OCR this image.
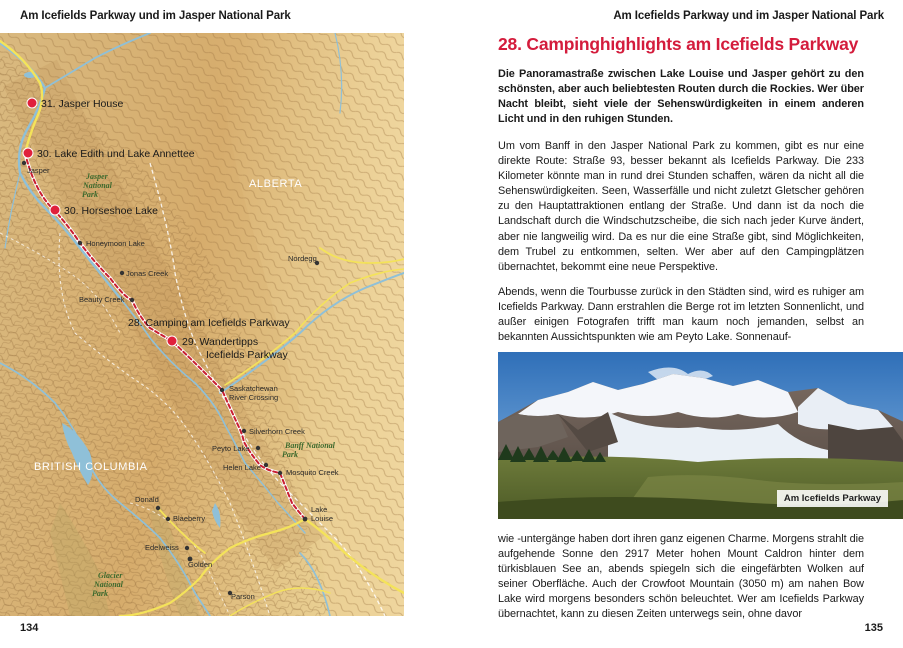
Am Icefields Parkway und im Jasper National Park	Am Icefields Parkway und im Jasper National Park
ALBERTA
BRITISH COLUMBIA
Jasper
National
Park
Banff National
Park
Glacier
National
Park
31. Jasper House
30. Lake Edith und Lake Annettee
30. Horseshoe Lake
28. Camping am Icefields Parkway
29. Wandertipps
Icefields Parkway
Jasper
Honeymoon Lake
Jonas Creek
Beauty Creek
Nordegg
Saskatchewan
River Crossing
Silverhorn Creek
Peyto Lake
Helen Lake
Mosquito Creek
Lake
Louise
Donald
Blaeberry
Edelweiss
Golden
Parson
134
28. Campinghighlights am Icefields Parkway
Die Panoramastraße zwischen Lake Louise und Jasper gehört zu den schönsten, aber auch beliebtesten Routen durch die Rockies. Wer über Nacht bleibt, sieht viele der Sehenswürdigkeiten in einem anderen Licht und in den ruhigen Stunden.
Um vom Banff in den Jasper National Park zu kommen, gibt es nur eine direkte Route: Straße 93, besser bekannt als Icefields Parkway. Die 233 Kilometer könnte man in rund drei Stunden schaffen, wären da nicht all die Sehenswürdigkeiten. Seen, Wasserfälle und nicht zuletzt Gletscher gehören zu den Hauptattraktionen entlang der Straße. Und dann ist da noch die Landschaft durch die Windschutzscheibe, die sich nach jeder Kurve ändert, aber nie langweilig wird. Da es nur die eine Straße gibt, sind Möglichkeiten, dem Trubel zu entkommen, selten. Wer aber auf den Campingplätzen übernachtet, bekommt eine neue Perspektive.
Abends, wenn die Tourbusse zurück in den Städten sind, wird es ruhiger am Icefields Parkway. Dann erstrahlen die Berge rot im letzten Sonnenlicht, und außer einigen Fotografen trifft man kaum noch jemanden, selbst an bekannten Aussichtspunkten wie am Peyto Lake. Sonnenauf-
Am Icefields Parkway
wie -untergänge haben dort ihren ganz eigenen Charme. Morgens strahlt die aufgehende Sonne den 2917 Meter hohen Mount Caldron hinter dem türkisblauen See an, abends spiegeln sich die eingefärbten Wolken auf seiner Oberfläche. Auch der Crowfoot Mountain (3050 m) am nahen Bow Lake wird morgens besonders schön beleuchtet. Wer am Icefields Parkway übernachtet, kann zu diesen Zeiten unterwegs sein, ohne davor
135
